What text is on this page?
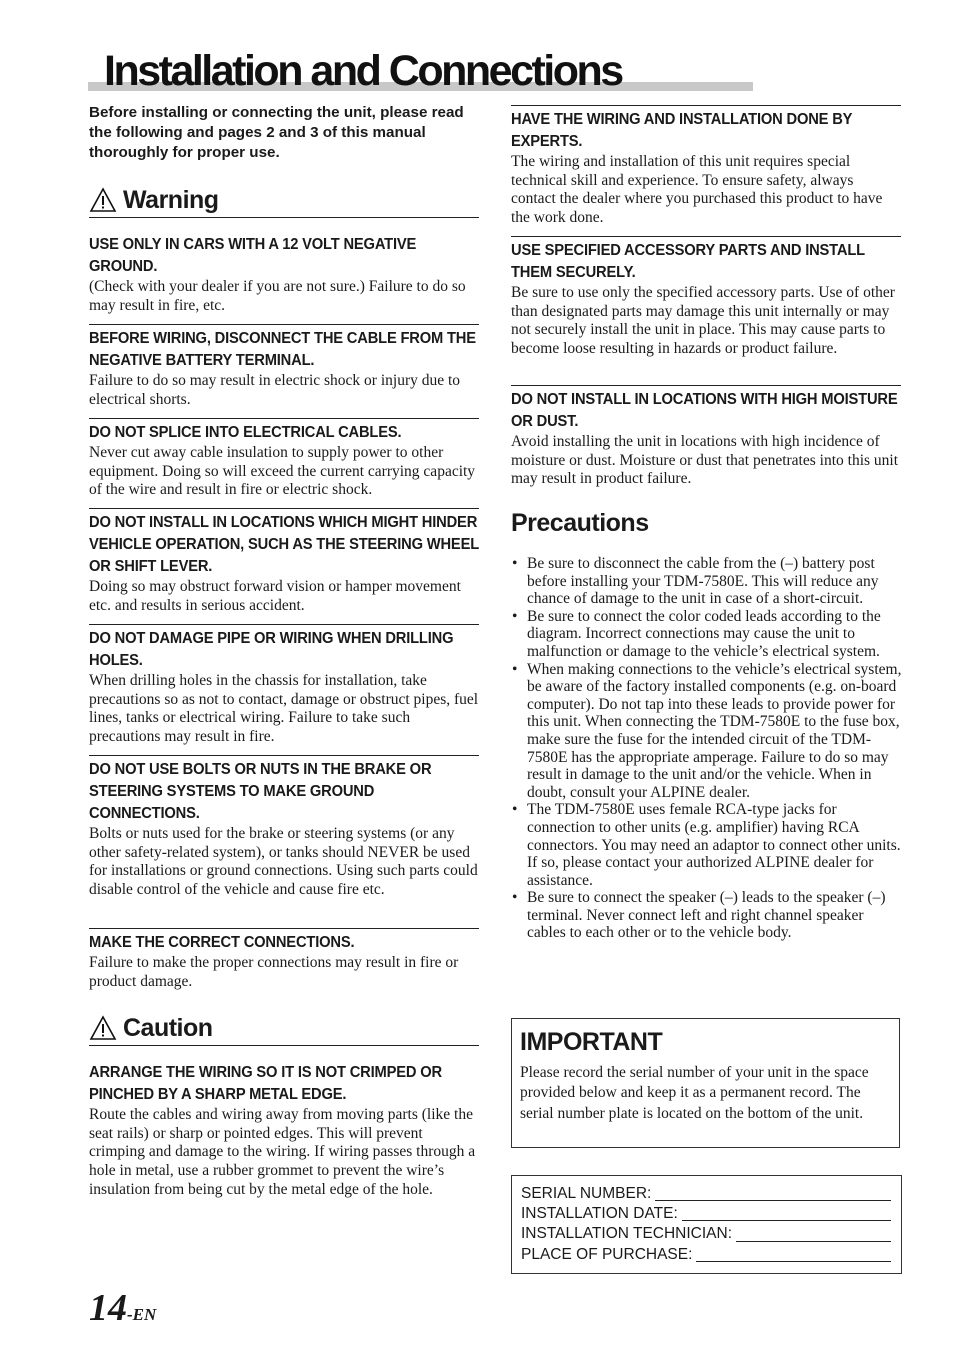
Installation and Connections
Before installing or connecting the unit, please read the following and pages 2 and 3 of this manual thoroughly for proper use.
Warning
USE ONLY IN CARS WITH A 12 VOLT NEGATIVE GROUND.

(Check with your dealer if you are not sure.) Failure to do so may result in fire, etc.

BEFORE WIRING, DISCONNECT THE CABLE FROM THE NEGATIVE BATTERY TERMINAL.

Failure to do so may result in electric shock or injury due to electrical shorts.

DO NOT SPLICE INTO ELECTRICAL CABLES.

Never cut away cable insulation to supply power to other equipment. Doing so will exceed the current carrying capacity of the wire and result in fire or electric shock.

DO NOT INSTALL IN LOCATIONS WHICH MIGHT HINDER VEHICLE OPERATION, SUCH AS THE STEERING WHEEL OR SHIFT LEVER.

Doing so may obstruct forward vision or hamper movement etc. and results in serious accident.

DO NOT DAMAGE PIPE OR WIRING WHEN DRILLING HOLES.

When drilling holes in the chassis for installation, take precautions so as not to contact, damage or obstruct pipes, fuel lines, tanks or electrical wiring. Failure to take such precautions may result in fire.

DO NOT USE BOLTS OR NUTS IN THE BRAKE OR STEERING SYSTEMS TO MAKE GROUND CONNECTIONS.

Bolts or nuts used for the brake or steering systems (or any other safety-related system), or tanks should NEVER be used for installations or ground connections. Using such parts could disable control of the vehicle and cause fire etc.

MAKE THE CORRECT CONNECTIONS.

Failure to make the proper connections may result in fire or product damage.

Caution
ARRANGE THE WIRING SO IT IS NOT CRIMPED OR PINCHED BY A SHARP METAL EDGE.

Route the cables and wiring away from moving parts (like the seat rails) or sharp or pointed edges. This will prevent crimping and damage to the wiring. If wiring passes through a hole in metal, use a rubber grommet to prevent the wire’s insulation from being cut by the metal edge of the hole.

HAVE THE WIRING AND INSTALLATION DONE BY EXPERTS.

The wiring and installation of this unit requires special technical skill and experience. To ensure safety, always contact the dealer where you purchased this product to have the work done.

USE SPECIFIED ACCESSORY PARTS AND INSTALL THEM SECURELY.

Be sure to use only the specified accessory parts. Use of other than designated parts may damage this unit internally or may not securely install the unit in place. This may cause parts to become loose resulting in hazards or product failure.

DO NOT INSTALL IN LOCATIONS WITH HIGH MOISTURE OR DUST.

Avoid installing the unit in locations with high incidence of moisture or dust. Moisture or dust that penetrates into this unit may result in product failure.

Precautions
• Be sure to disconnect the cable from the (–) battery post before installing your TDM-7580E. This will reduce any chance of damage to the unit in case of a short-circuit.
• Be sure to connect the color coded leads according to the diagram. Incorrect connections may cause the unit to malfunction or damage to the vehicle’s electrical system.
• When making connections to the vehicle’s electrical system, be aware of the factory installed components (e.g. on-board computer). Do not tap into these leads to provide power for this unit. When connecting the TDM-7580E to the fuse box, make sure the fuse for the intended circuit of the TDM-7580E has the appropriate amperage. Failure to do so may result in damage to the unit and/or the vehicle. When in doubt, consult your ALPINE dealer.
• The TDM-7580E uses female RCA-type jacks for connection to other units (e.g. amplifier) having RCA connectors. You may need an adaptor to connect other units. If so, please contact your authorized ALPINE dealer for assistance.
• Be sure to connect the speaker (–) leads to the speaker (–) terminal. Never connect left and right channel speaker cables to each other or to the vehicle body.
IMPORTANT

Please record the serial number of your unit in the space provided below and keep it as a permanent record. The serial number plate is located on the bottom of the unit.

SERIAL NUMBER:
INSTALLATION DATE:
INSTALLATION TECHNICIAN:
PLACE OF PURCHASE:
14-EN
